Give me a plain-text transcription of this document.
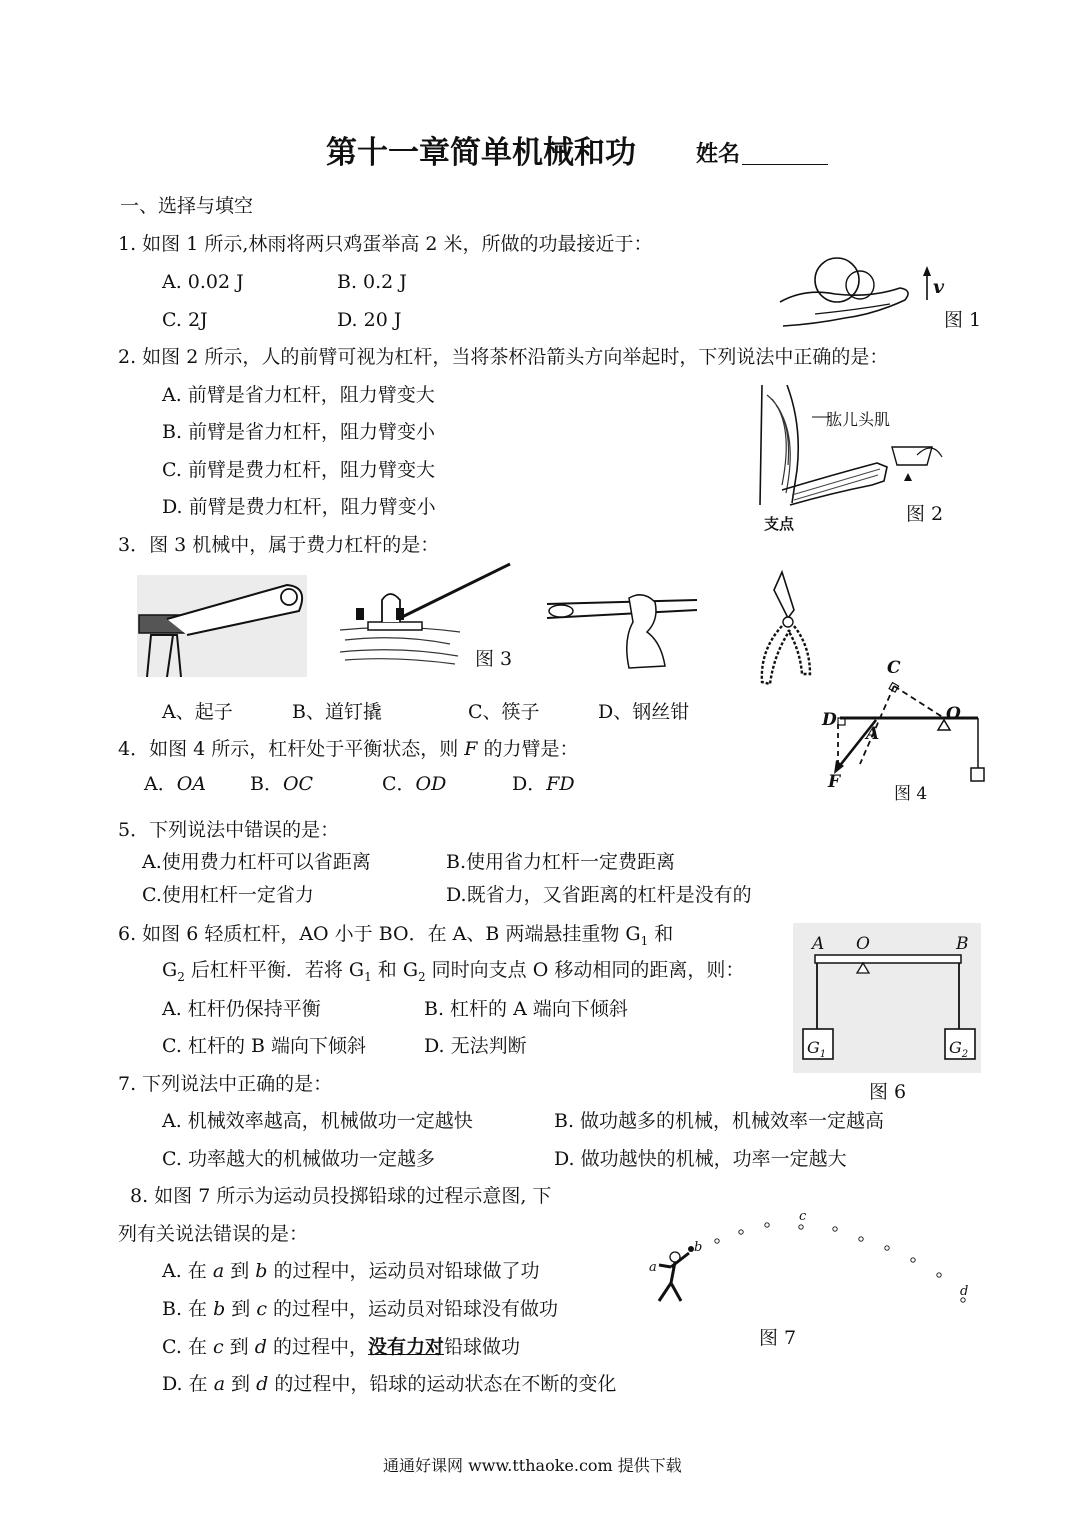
第十一章简单机械和功	姓名
一、选择与填空
1. 如图 1 所示,林雨将两只鸡蛋举高 2 米，所做的功最接近于：
A. 0.02 J	B. 0.2 J
C. 2J	D. 20 J
v
图 1
2. 如图 2 所示，人的前臂可视为杠杆，当将茶杯沿箭头方向举起时，下列说法中正确的是：
A. 前臂是省力杠杆，阻力臂变大
B. 前臂是省力杠杆，阻力臂变小
C. 前臂是费力杠杆，阻力臂变大
D. 前臂是费力杠杆，阻力臂变小
肱儿头肌
支点	图 2
3．图 3 机械中，属于费力杠杆的是：
图 3
A、起子	B、道钉撬	C、筷子	D、钢丝钳
4．如图 4 所示，杠杆处于平衡状态，则 F 的力臂是：
A．OA B．OC	C．OD	D．FD
C
D
A
O
F
图 4
5．下列说法中错误的是：
A.使用费力杠杆可以省距离	B.使用省力杠杆一定费距离
C.使用杠杆一定省力	D.既省力，又省距离的杠杆是没有的
6. 如图 6 轻质杠杆，AO 小于 BO．在 A、B 两端悬挂重物 $G_1$ 和
$G_2$ 后杠杆平衡．若将 $G_1$ 和 $G_2$ 同时向支点 O 移动相同的距离，则：
A. 杠杆仍保持平衡	B. 杠杆的 A 端向下倾斜
C. 杠杆的 B 端向下倾斜	D. 无法判断
A O	B
$G_1$	$G_2$
图 6
7. 下列说法中正确的是：
A. 机械效率越高，机械做功一定越快	B. 做功越多的机械，机械效率一定越高
C. 功率越大的机械做功一定越多	D. 做功越快的机械，功率一定越大
8. 如图 7 所示为运动员投掷铅球的过程示意图, 下
列有关说法错误的是：
A. 在 a 到 b 的过程中，运动员对铅球做了功
B. 在 b 到 c 的过程中，运动员对铅球没有做功
C. 在 c 到 d 的过程中，没有力对铅球做功
D. 在 a 到 d 的过程中，铅球的运动状态在不断的变化
a
b
c
d
图 7
通通好课网 www.tthaoke.com 提供下载
